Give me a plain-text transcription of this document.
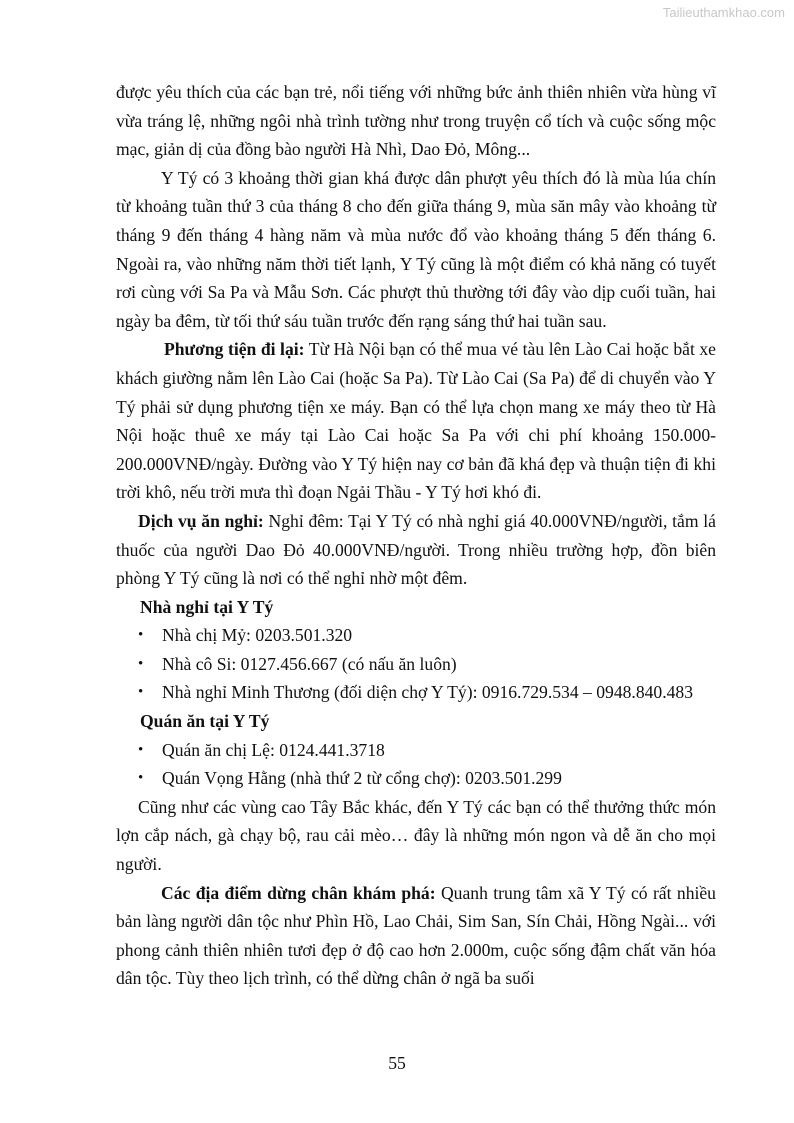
Tailieuthamkhao.com

được yêu thích của các bạn trẻ, nổi tiếng với những bức ảnh thiên nhiên vừa hùng vĩ vừa tráng lệ, những ngôi nhà trình tường như trong truyện cổ tích và cuộc sống mộc mạc, giản dị của đồng bào người Hà Nhì, Dao Đỏ, Mông...

Y Tý có 3 khoảng thời gian khá được dân phượt yêu thích đó là mùa lúa chín từ khoảng tuần thứ 3 của tháng 8 cho đến giữa tháng 9, mùa săn mây vào khoảng từ tháng 9 đến tháng 4 hàng năm và mùa nước đổ vào khoảng tháng 5 đến tháng 6. Ngoài ra, vào những năm thời tiết lạnh, Y Tý cũng là một điểm có khả năng có tuyết rơi cùng với Sa Pa và Mẫu Sơn. Các phượt thủ thường tới đây vào dịp cuối tuần, hai ngày ba đêm, từ tối thứ sáu tuần trước đến rạng sáng thứ hai tuần sau.

Phương tiện đi lại: Từ Hà Nội bạn có thể mua vé tàu lên Lào Cai hoặc bắt xe khách giường nằm lên Lào Cai (hoặc Sa Pa). Từ Lào Cai (Sa Pa) để di chuyển vào Y Tý phải sử dụng phương tiện xe máy. Bạn có thể lựa chọn mang xe máy theo từ Hà Nội hoặc thuê xe máy tại Lào Cai hoặc Sa Pa với chi phí khoảng 150.000-200.000VNĐ/ngày. Đường vào Y Tý hiện nay cơ bản đã khá đẹp và thuận tiện đi khi trời khô, nếu trời mưa thì đoạn Ngải Thầu - Y Tý hơi khó đi.

Dịch vụ ăn nghỉ: Nghỉ đêm: Tại Y Tý có nhà nghỉ giá 40.000VNĐ/người, tắm lá thuốc của người Dao Đỏ 40.000VNĐ/người. Trong nhiều trường hợp, đồn biên phòng Y Tý cũng là nơi có thể nghỉ nhờ một đêm.

Nhà nghỉ tại Y Tý

• Nhà chị Mỷ: 0203.501.320
• Nhà cô Si: 0127.456.667 (có nấu ăn luôn)
• Nhà nghỉ Minh Thương (đối diện chợ Y Tý): 0916.729.534 – 0948.840.483

Quán ăn tại Y Tý

• Quán ăn chị Lệ: 0124.441.3718
• Quán Vọng Hằng (nhà thứ 2 từ cổng chợ): 0203.501.299

Cũng như các vùng cao Tây Bắc khác, đến Y Tý các bạn có thể thưởng thức món lợn cắp nách, gà chạy bộ, rau cải mèo… đây là những món ngon và dễ ăn cho mọi người.

Các địa điểm dừng chân khám phá: Quanh trung tâm xã Y Tý có rất nhiều bản làng người dân tộc như Phìn Hồ, Lao Chải, Sim San, Sín Chải, Hồng Ngài... với phong cảnh thiên nhiên tươi đẹp ở độ cao hơn 2.000m, cuộc sống đậm chất văn hóa dân tộc. Tùy theo lịch trình, có thể dừng chân ở ngã ba suối

55
